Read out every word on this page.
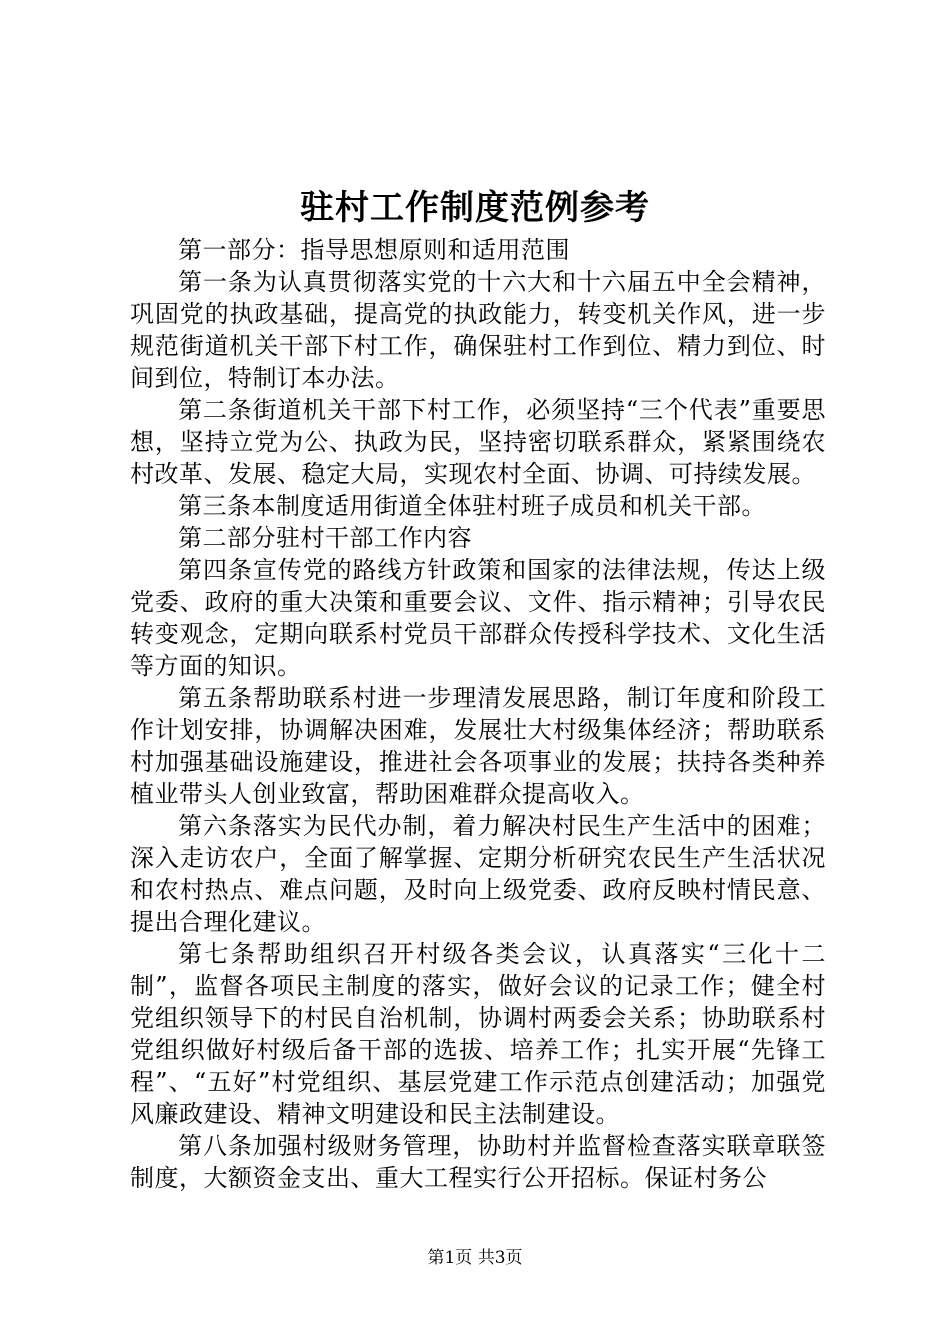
驻村工作制度范例参考

第一部分：指导思想原则和适用范围

第一条为认真贯彻落实党的十六大和十六届五中全会精神，巩固党的执政基础，提高党的执政能力，转变机关作风，进一步规范街道机关干部下村工作，确保驻村工作到位、精力到位、时间到位，特制订本办法。

第二条街道机关干部下村工作，必须坚持“三个代表”重要思想，坚持立党为公、执政为民，坚持密切联系群众，紧紧围绕农村改革、发展、稳定大局，实现农村全面、协调、可持续发展。

第三条本制度适用街道全体驻村班子成员和机关干部。

第二部分驻村干部工作内容

第四条宣传党的路线方针政策和国家的法律法规，传达上级党委、政府的重大决策和重要会议、文件、指示精神；引导农民转变观念，定期向联系村党员干部群众传授科学技术、文化生活等方面的知识。

第五条帮助联系村进一步理清发展思路，制订年度和阶段工作计划安排，协调解决困难，发展壮大村级集体经济；帮助联系村加强基础设施建设，推进社会各项事业的发展；扶持各类种养植业带头人创业致富，帮助困难群众提高收入。

第六条落实为民代办制，着力解决村民生产生活中的困难；深入走访农户，全面了解掌握、定期分析研究农民生产生活状况和农村热点、难点问题，及时向上级党委、政府反映村情民意、提出合理化建议。

第七条帮助组织召开村级各类会议，认真落实“三化十二制”，监督各项民主制度的落实，做好会议的记录工作；健全村党组织领导下的村民自治机制，协调村两委会关系；协助联系村党组织做好村级后备干部的选拔、培养工作；扎实开展“先锋工程”、“五好”村党组织、基层党建工作示范点创建活动；加强党风廉政建设、精神文明建设和民主法制建设。

第八条加强村级财务管理，协助村并监督检查落实联章联签制度，大额资金支出、重大工程实行公开招标。保证村务公

第1页 共3页
